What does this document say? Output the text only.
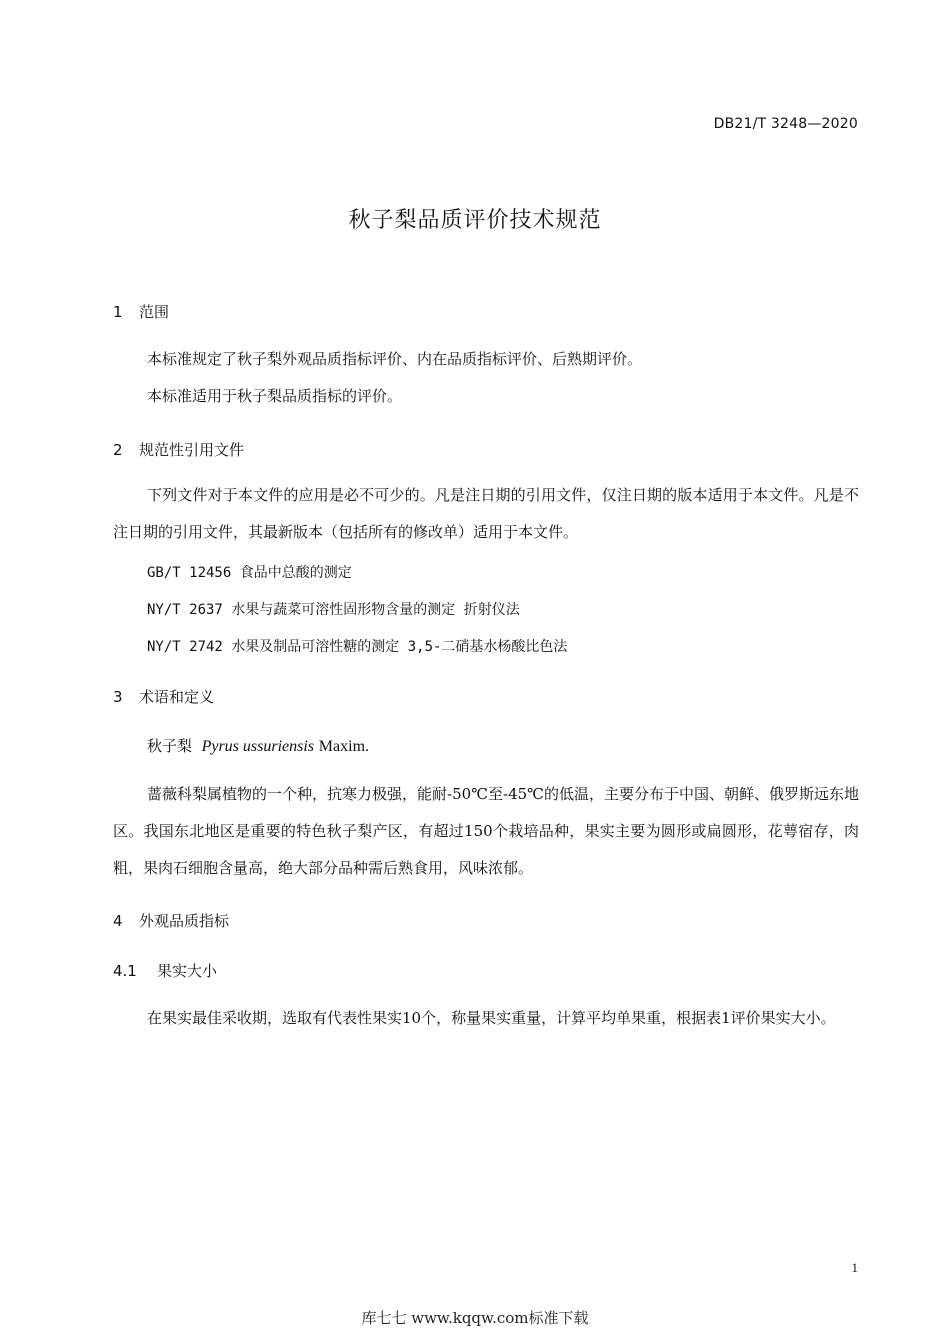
DB21/T 3248—2020
秋子梨品质评价技术规范
1 范围
本标准规定了秋子梨外观品质指标评价、内在品质指标评价、后熟期评价。
本标准适用于秋子梨品质指标的评价。
2 规范性引用文件
下列文件对于本文件的应用是必不可少的。凡是注日期的引用文件，仅注日期的版本适用于本文件。凡是不注日期的引用文件，其最新版本（包括所有的修改单）适用于本文件。
GB/T 12456 食品中总酸的测定
NY/T 2637 水果与蔬菜可溶性固形物含量的测定 折射仪法
NY/T 2742 水果及制品可溶性糖的测定 3,5-二硝基水杨酸比色法
3 术语和定义
秋子梨 Pyrus ussuriensis Maxim.
蔷薇科梨属植物的一个种，抗寒力极强，能耐-50℃至-45℃的低温，主要分布于中国、朝鲜、俄罗斯远东地区。我国东北地区是重要的特色秋子梨产区，有超过150个栽培品种，果实主要为圆形或扁圆形，花萼宿存，肉粗，果肉石细胞含量高，绝大部分品种需后熟食用，风味浓郁。
4 外观品质指标
4.1 果实大小
在果实最佳采收期，选取有代表性果实10个，称量果实重量，计算平均单果重，根据表1评价果实大小。
1
库七七 www.kqqw.com标准下载
